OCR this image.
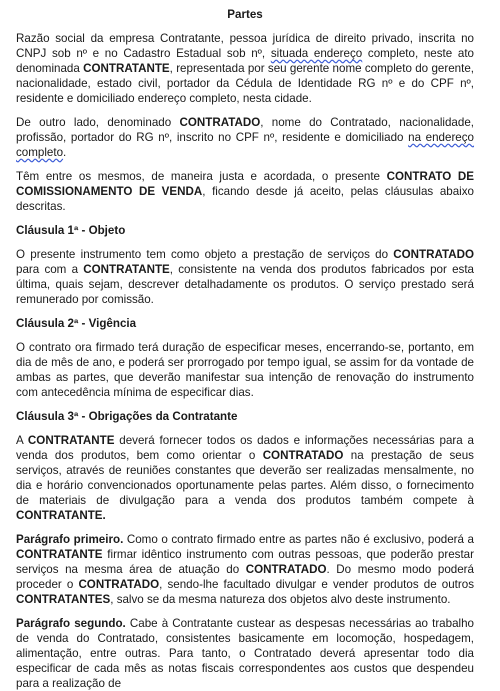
Partes

Razão social da empresa Contratante, pessoa jurídica de direito privado, inscrita no CNPJ sob nº e no Cadastro Estadual sob nº, situada endereço completo, neste ato denominada CONTRATANTE, representada por seu gerente nome completo do gerente, nacionalidade, estado civil, portador da Cédula de Identidade RG nº e do CPF nº, residente e domiciliado endereço completo, nesta cidade.

De outro lado, denominado CONTRATADO, nome do Contratado, nacionalidade, profissão, portador do RG nº, inscrito no CPF nº, residente e domiciliado na endereço completo.

Têm entre os mesmos, de maneira justa e acordada, o presente CONTRATO DE COMISSIONAMENTO DE VENDA, ficando desde já aceito, pelas cláusulas abaixo descritas.

Cláusula 1ª - Objeto

O presente instrumento tem como objeto a prestação de serviços do CONTRATADO para com a CONTRATANTE, consistente na venda dos produtos fabricados por esta última, quais sejam, descrever detalhadamente os produtos. O serviço prestado será remunerado por comissão.

Cláusula 2ª - Vigência

O contrato ora firmado terá duração de especificar meses, encerrando-se, portanto, em dia de mês de ano, e poderá ser prorrogado por tempo igual, se assim for da vontade de ambas as partes, que deverão manifestar sua intenção de renovação do instrumento com antecedência mínima de especificar dias.

Cláusula 3ª - Obrigações da Contratante

A CONTRATANTE deverá fornecer todos os dados e informações necessárias para a venda dos produtos, bem como orientar o CONTRATADO na prestação de seus serviços, através de reuniões constantes que deverão ser realizadas mensalmente, no dia e horário convencionados oportunamente pelas partes. Além disso, o fornecimento de materiais de divulgação para a venda dos produtos também compete à CONTRATANTE.

Parágrafo primeiro. Como o contrato firmado entre as partes não é exclusivo, poderá a CONTRATANTE firmar idêntico instrumento com outras pessoas, que poderão prestar serviços na mesma área de atuação do CONTRATADO. Do mesmo modo poderá proceder o CONTRATADO, sendo-lhe facultado divulgar e vender produtos de outros CONTRATANTES, salvo se da mesma natureza dos objetos alvo deste instrumento.

Parágrafo segundo. Cabe à Contratante custear as despesas necessárias ao trabalho de venda do Contratado, consistentes basicamente em locomoção, hospedagem, alimentação, entre outras. Para tanto, o Contratado deverá apresentar todo dia especificar de cada mês as notas fiscais correspondentes aos custos que despendeu para a realização de
